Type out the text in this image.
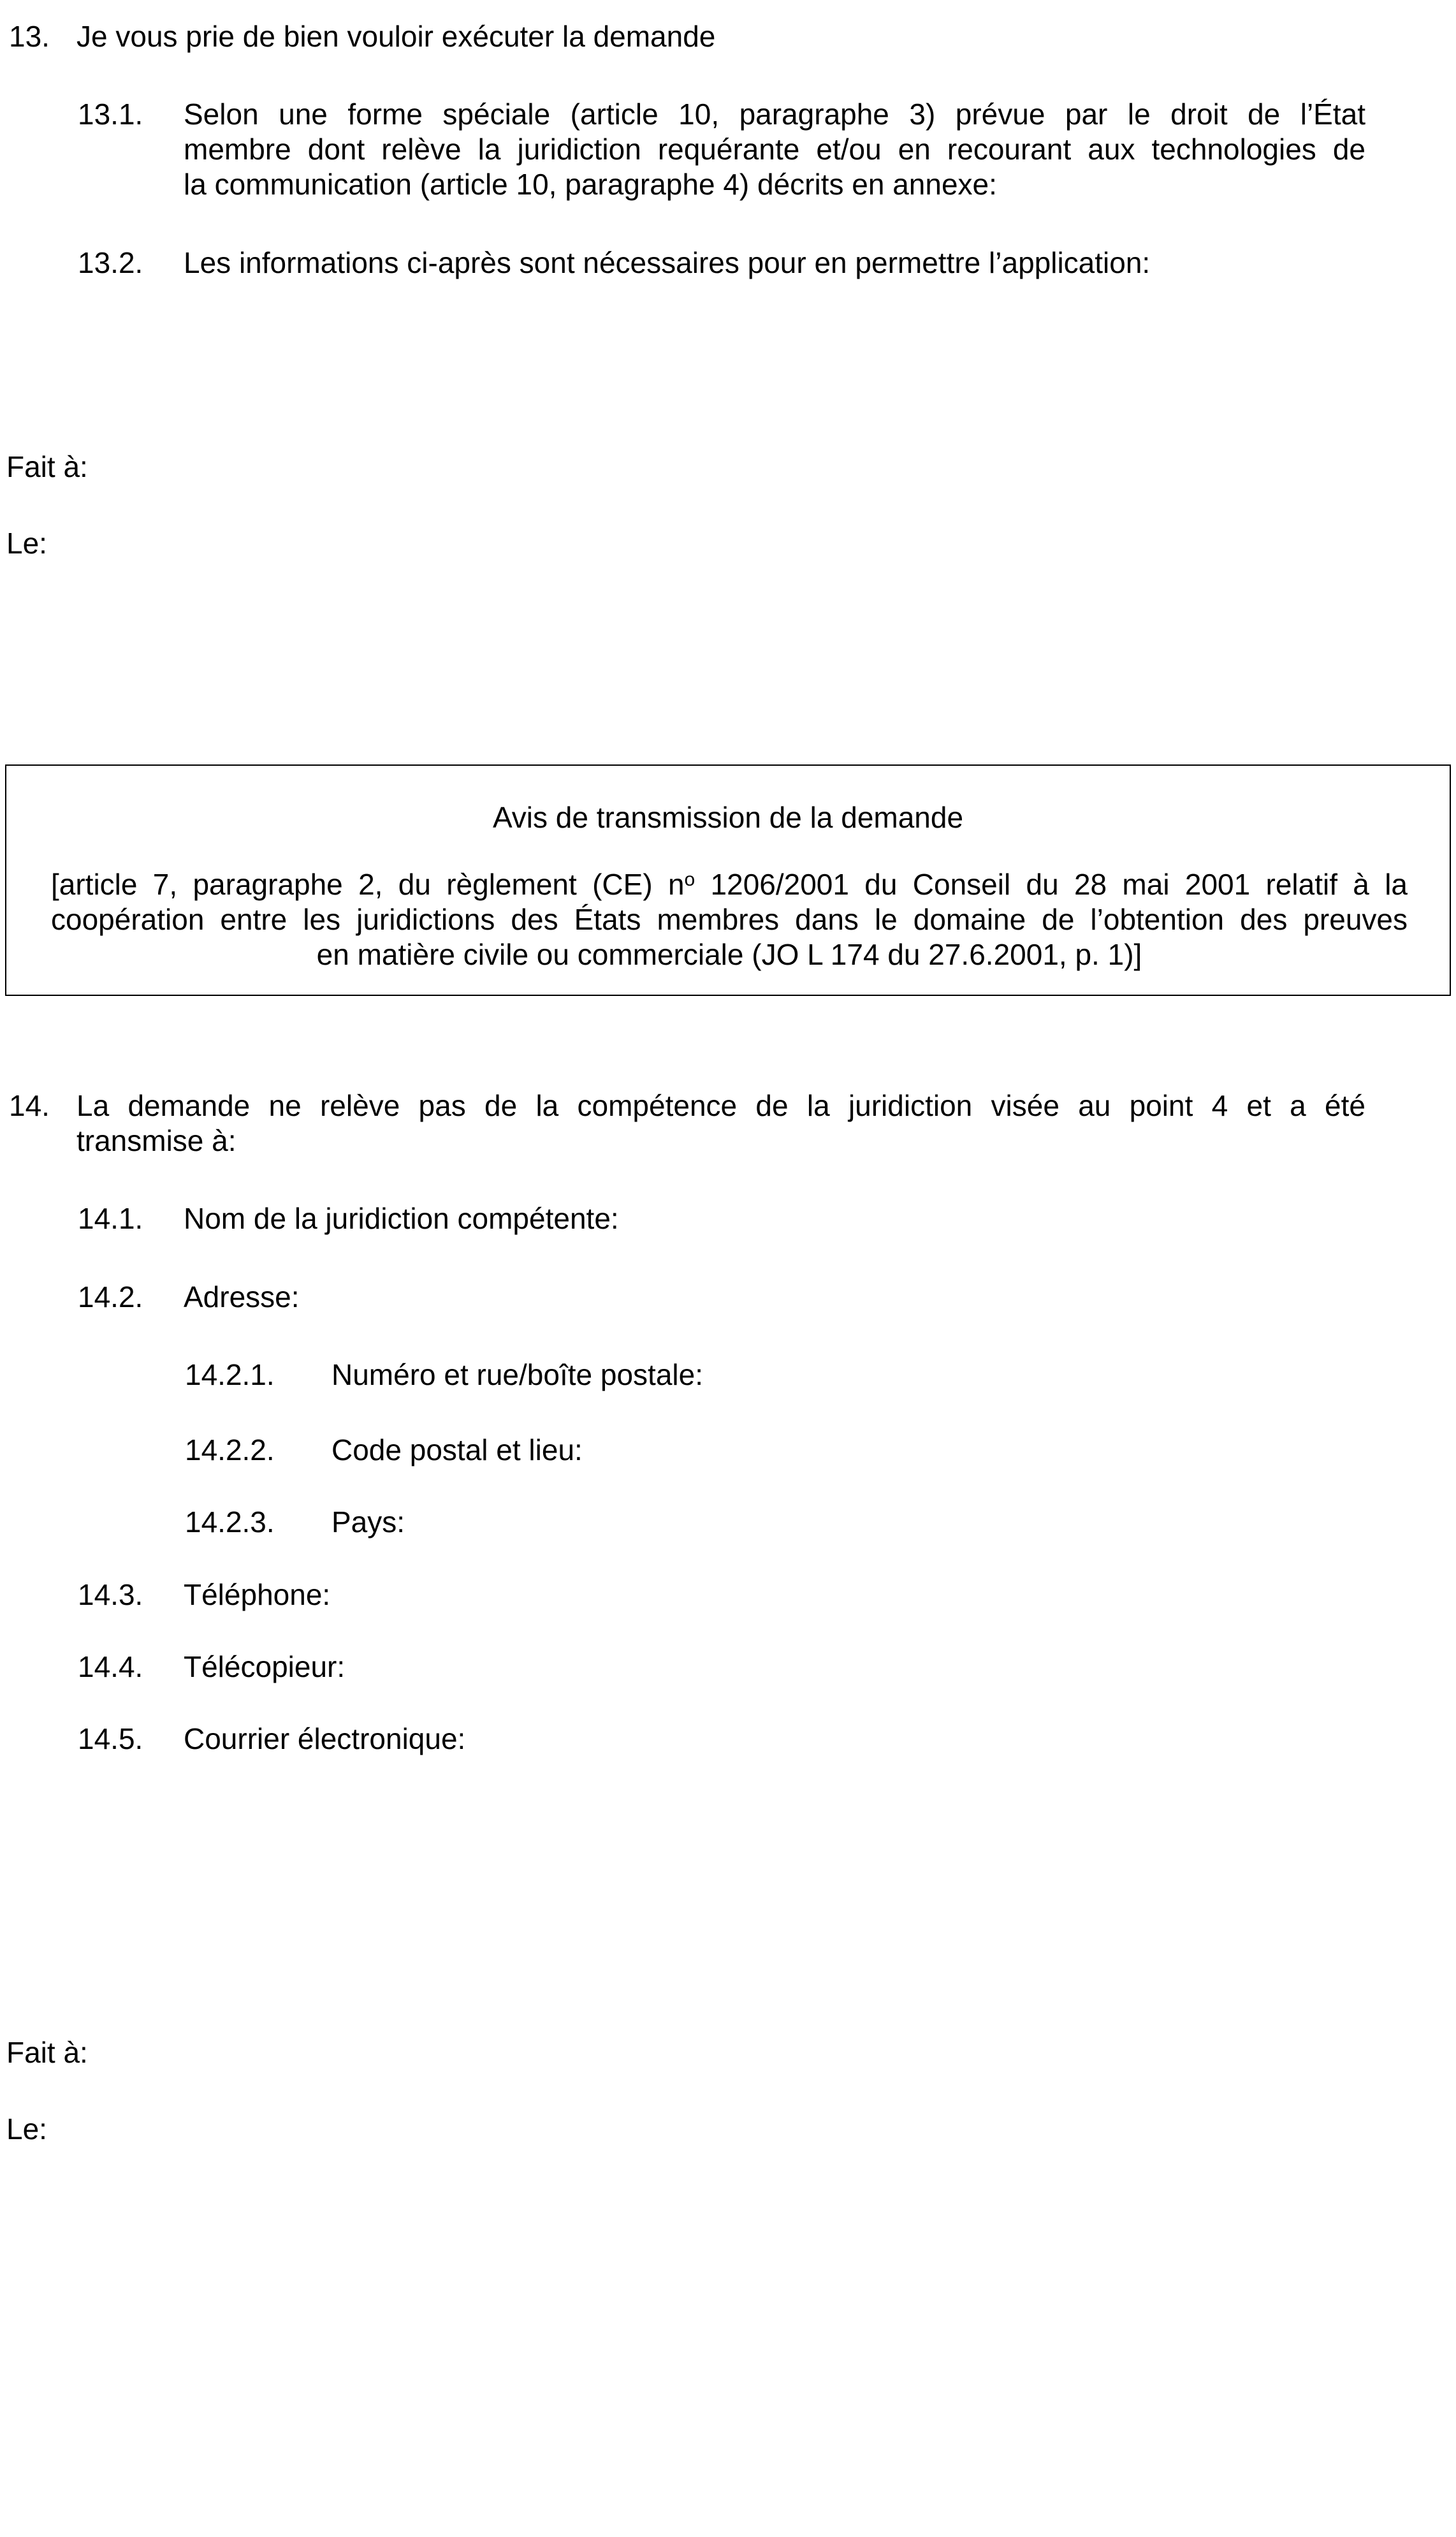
13. Je vous prie de bien vouloir exécuter la demande
13.1. Selon une forme spéciale (article 10, paragraphe 3) prévue par le droit de l’État
membre dont relève la juridiction requérante et/ou en recourant aux technologies de
la communication (article 10, paragraphe 4) décrits en annexe:
13.2. Les informations ci-après sont nécessaires pour en permettre l’application:
Fait à:
Le:
Avis de transmission de la demande
[article 7, paragraphe 2, du règlement (CE) $n^o$ 1206/2001 du Conseil du 28 mai 2001 relatif à la
coopération entre les juridictions des États membres dans le domaine de l’obtention des preuves
en matière civile ou commerciale (JO L 174 du 27.6.2001, p. 1)]
14. La demande ne relève pas de la compétence de la juridiction visée au point 4 et a été
transmise à:
14.1. Nom de la juridiction compétente:
14.2. Adresse:
14.2.1. Numéro et rue/boîte postale:
14.2.2. Code postal et lieu:
14.2.3. Pays:
14.3. Téléphone:
14.4. Télécopieur:
14.5. Courrier électronique:
Fait à:
Le:
